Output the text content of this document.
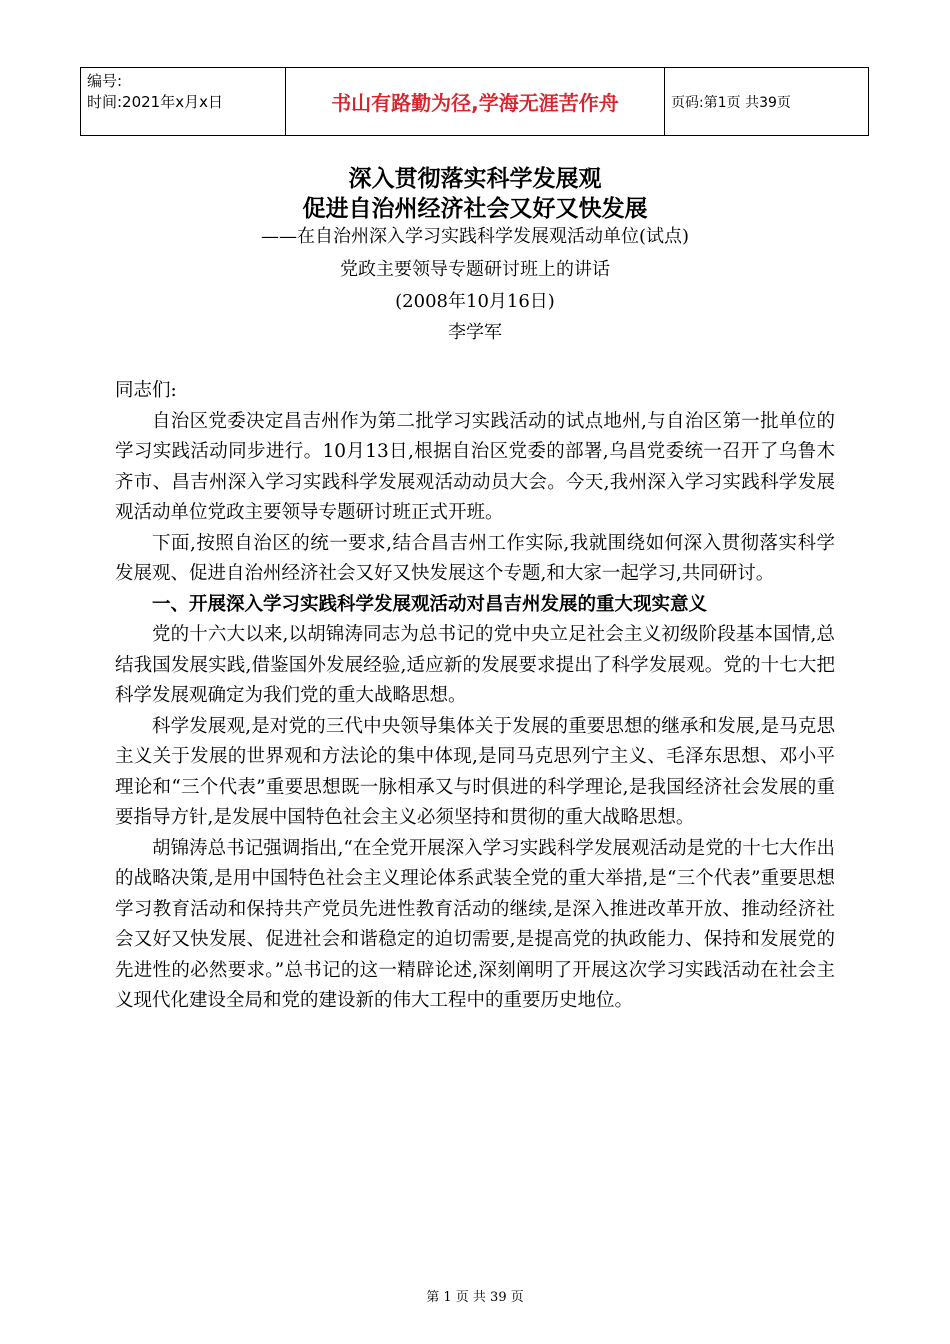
编号:
时间:2021年x月x日	书山有路勤为径,学海无涯苦作舟	页码:第1页 共39页
深入贯彻落实科学发展观
促进自治州经济社会又好又快发展
——在自治州深入学习实践科学发展观活动单位(试点)
党政主要领导专题研讨班上的讲话
(2008年10月16日)
李学军

同志们:

自治区党委决定昌吉州作为第二批学习实践活动的试点地州,与自治区第一批单位的学习实践活动同步进行。10月13日,根据自治区党委的部署,乌昌党委统一召开了乌鲁木齐市、昌吉州深入学习实践科学发展观活动动员大会。今天,我州深入学习实践科学发展观活动单位党政主要领导专题研讨班正式开班。

下面,按照自治区的统一要求,结合昌吉州工作实际,我就围绕如何深入贯彻落实科学发展观、促进自治州经济社会又好又快发展这个专题,和大家一起学习,共同研讨。

一、开展深入学习实践科学发展观活动对昌吉州发展的重大现实意义

党的十六大以来,以胡锦涛同志为总书记的党中央立足社会主义初级阶段基本国情,总结我国发展实践,借鉴国外发展经验,适应新的发展要求提出了科学发展观。党的十七大把科学发展观确定为我们党的重大战略思想。

科学发展观,是对党的三代中央领导集体关于发展的重要思想的继承和发展,是马克思主义关于发展的世界观和方法论的集中体现,是同马克思列宁主义、毛泽东思想、邓小平理论和“三个代表”重要思想既一脉相承又与时俱进的科学理论,是我国经济社会发展的重要指导方针,是发展中国特色社会主义必须坚持和贯彻的重大战略思想。

胡锦涛总书记强调指出,“在全党开展深入学习实践科学发展观活动是党的十七大作出的战略决策,是用中国特色社会主义理论体系武装全党的重大举措,是“三个代表”重要思想学习教育活动和保持共产党员先进性教育活动的继续,是深入推进改革开放、推动经济社会又好又快发展、促进社会和谐稳定的迫切需要,是提高党的执政能力、保持和发展党的先进性的必然要求。”总书记的这一精辟论述,深刻阐明了开展这次学习实践活动在社会主义现代化建设全局和党的建设新的伟大工程中的重要历史地位。

第 1 页 共 39 页
